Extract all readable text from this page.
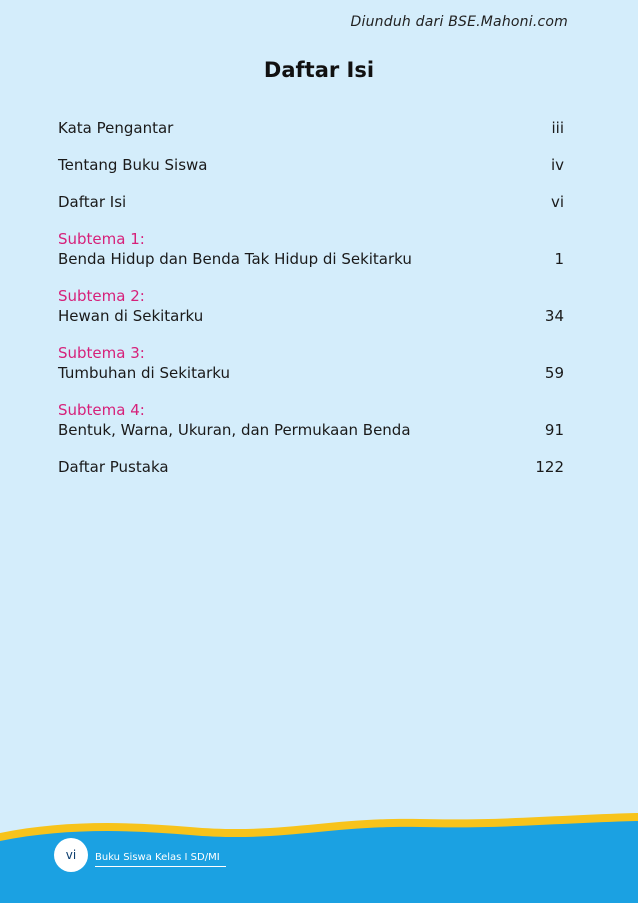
Diunduh dari BSE.Mahoni.com
Daftar Isi
Kata Pengantar	iii
Tentang Buku Siswa	iv
Daftar Isi	vi
Subtema 1:
Benda Hidup dan Benda Tak Hidup di Sekitarku	1
Subtema 2:
Hewan di Sekitarku	34
Subtema 3:
Tumbuhan di Sekitarku	59
Subtema 4:
Bentuk, Warna, Ukuran, dan Permukaan Benda	91
Daftar Pustaka	122
vi	Buku Siswa Kelas I SD/MI
